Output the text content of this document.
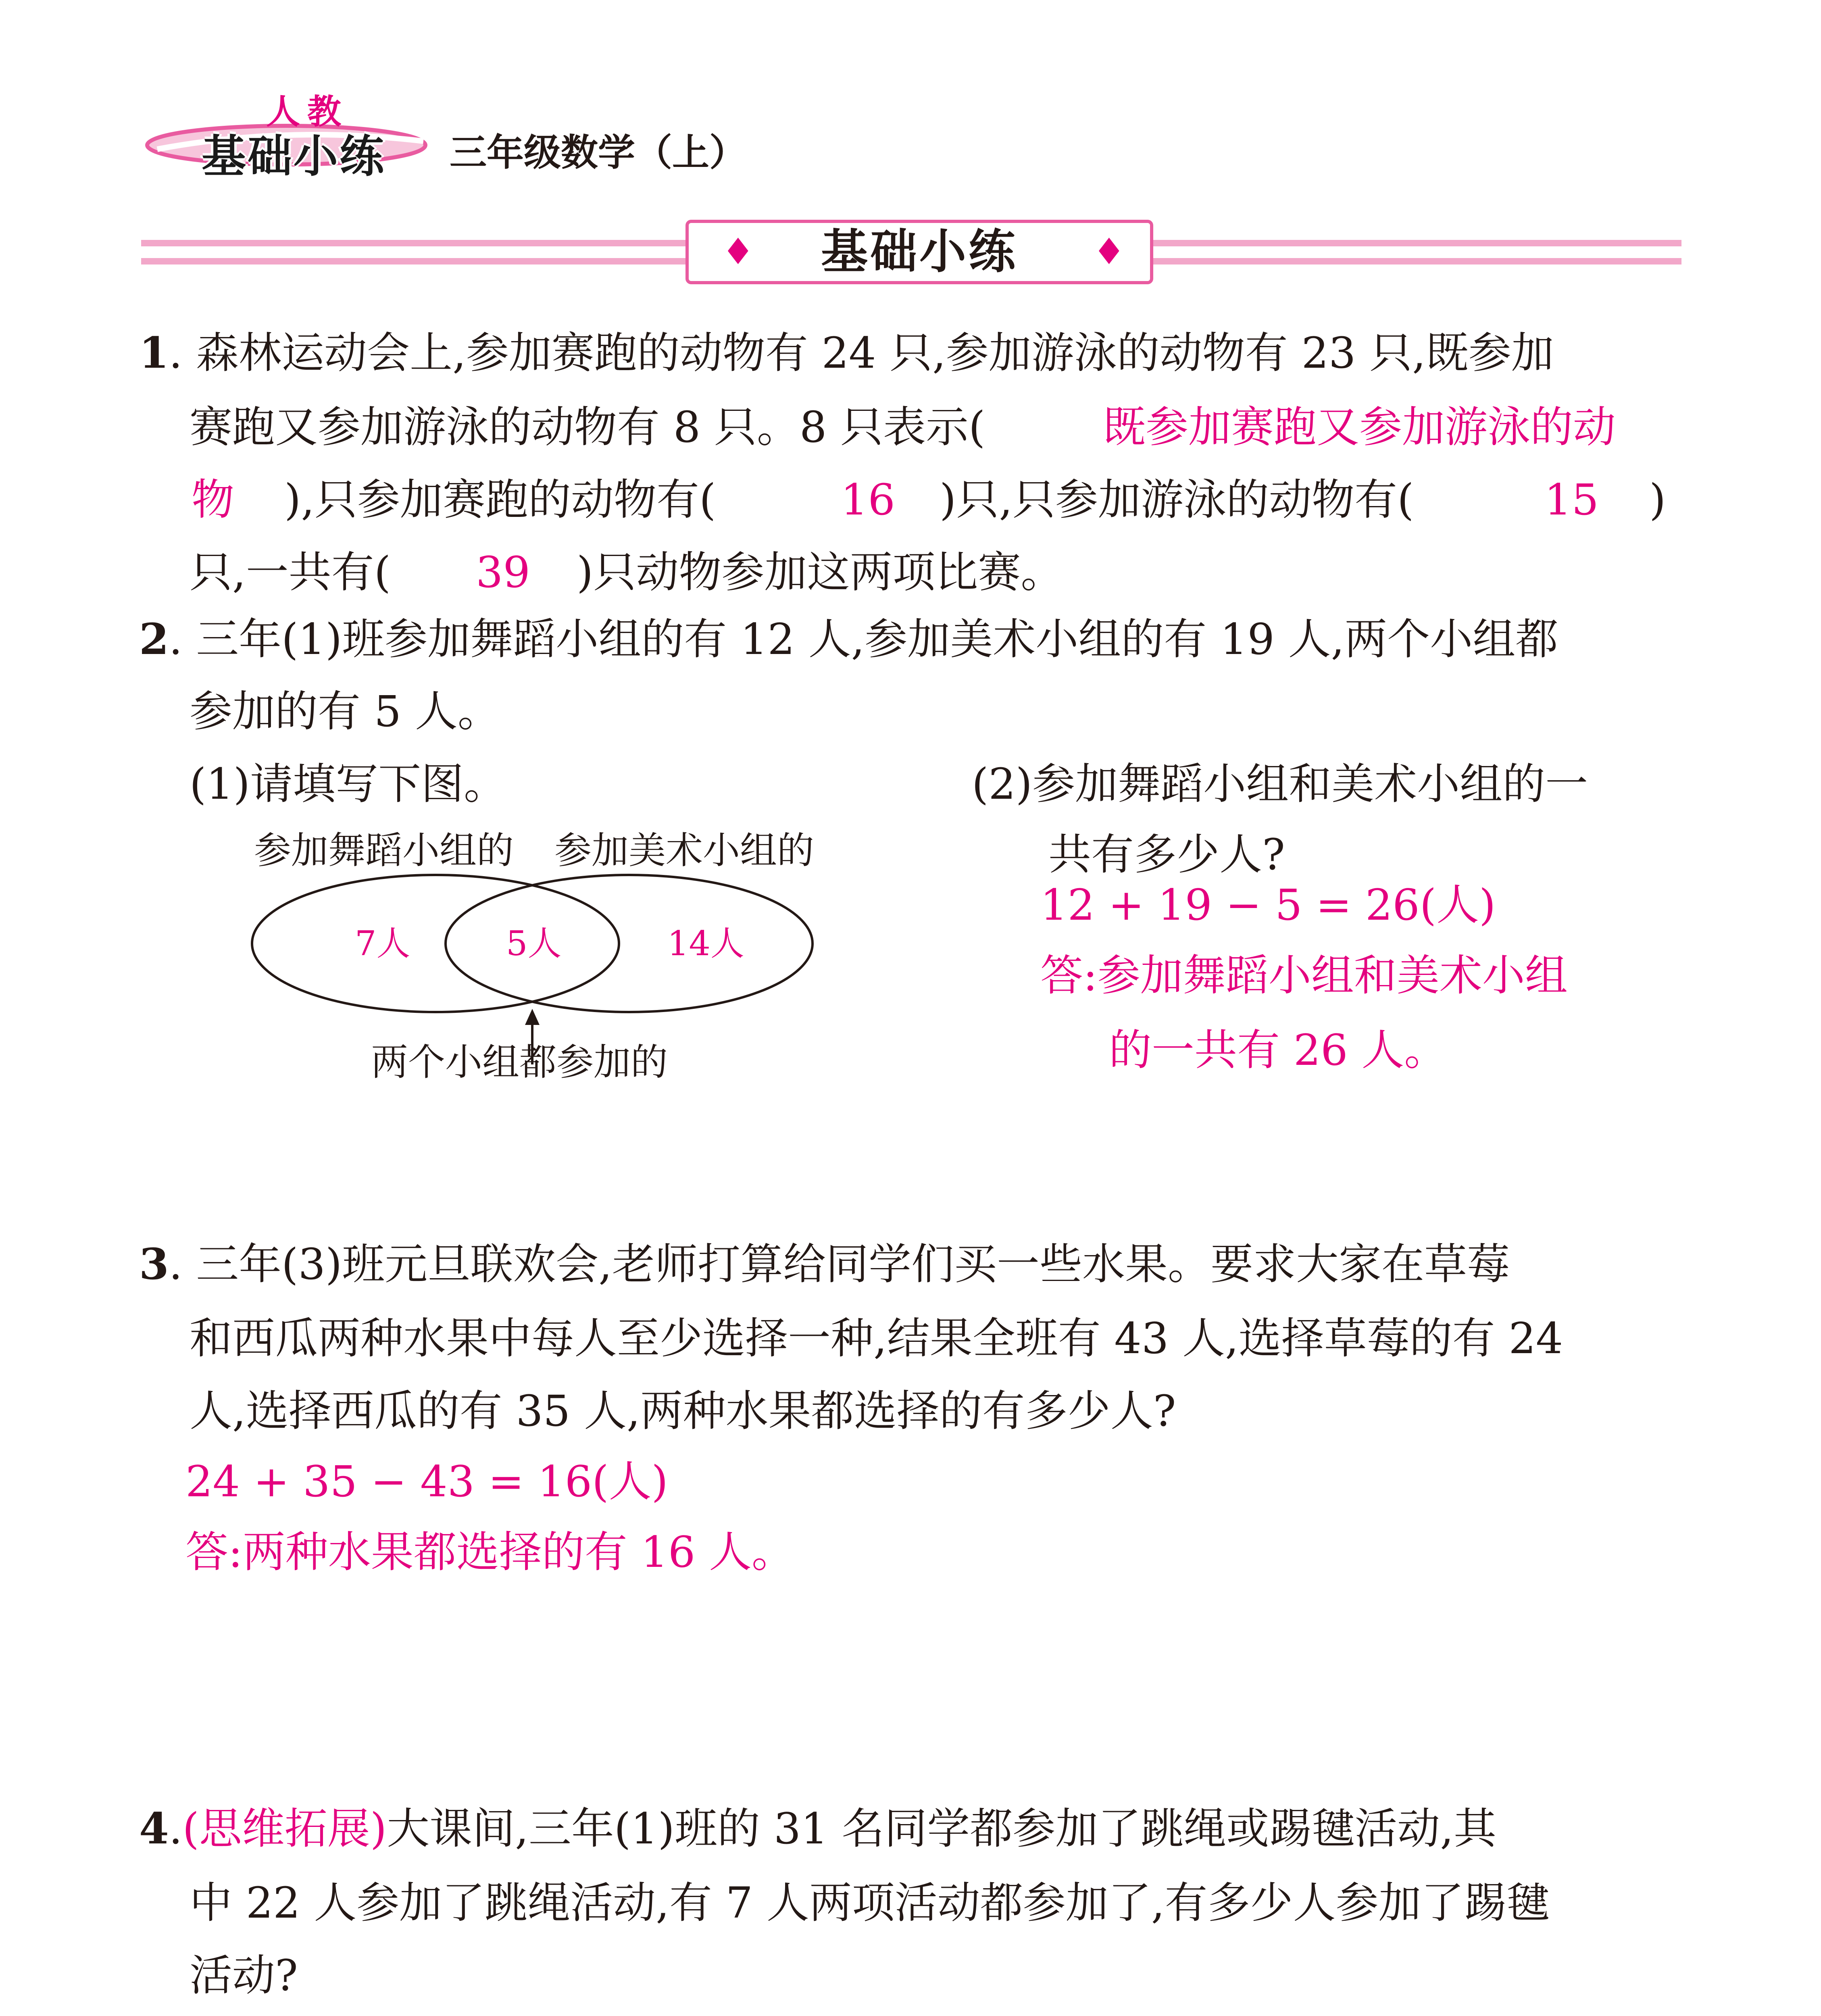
人教
基础小练 三年级数学（上）
♦	♦
基础小练
1. 森林运动会上,参加赛跑的动物有 24 只,参加游泳的动物有 23 只,既参加
赛跑又参加游泳的动物有 8 只。8 只表示(	既参加赛跑又参加游泳的动
物 ),只参加赛跑的动物有(	16 )只,只参加游泳的动物有(	15 )
只,一共有( 39 )只动物参加这两项比赛。
2. 三年(1)班参加舞蹈小组的有 12 人,参加美术小组的有 19 人,两个小组都
参加的有 5 人。
(1)请填写下图。	(2)参加舞蹈小组和美术小组的一
共有多少人?
12 + 19 − 5 = 26(人)
答:参加舞蹈小组和美术小组
的一共有 26 人。
参加舞蹈小组的 参加美术小组的
7人	5人	14人
两个小组都参加的
3. 三年(3)班元旦联欢会,老师打算给同学们买一些水果。要求大家在草莓
和西瓜两种水果中每人至少选择一种,结果全班有 43 人,选择草莓的有 24
人,选择西瓜的有 35 人,两种水果都选择的有多少人?
24 + 35 − 43 = 16(人)
答:两种水果都选择的有 16 人。
4.(思维拓展)大课间,三年(1)班的 31 名同学都参加了跳绳或踢毽活动,其
中 22 人参加了跳绳活动,有 7 人两项活动都参加了,有多少人参加了踢毽
活动?
